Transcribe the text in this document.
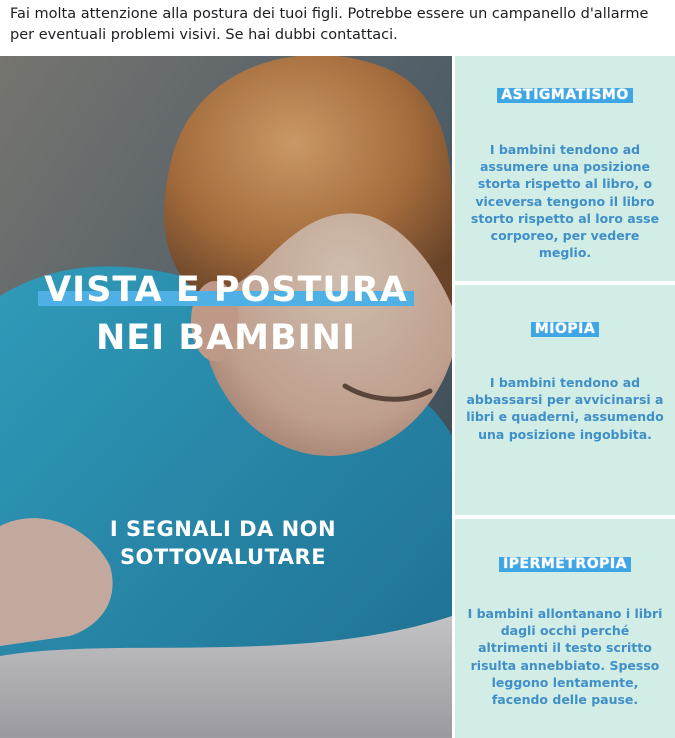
Fai molta attenzione alla postura dei tuoi figli. Potrebbe essere un campanello d'allarme per eventuali problemi visivi. Se hai dubbi contattaci.
VISTA E POSTURA
NEI BAMBINI
I SEGNALI DA NON
SOTTOVALUTARE
ASTIGMATISMO
I bambini tendono ad assumere una posizione storta rispetto al libro, o viceversa tengono il libro storto rispetto al loro asse corporeo, per vedere meglio.
MIOPIA
I bambini tendono ad abbassarsi per avvicinarsi a libri e quaderni, assumendo una posizione ingobbita.
IPERMETROPIA
I bambini allontanano i libri dagli occhi perché altrimenti il testo scritto risulta annebbiato. Spesso leggono lentamente, facendo delle pause.
